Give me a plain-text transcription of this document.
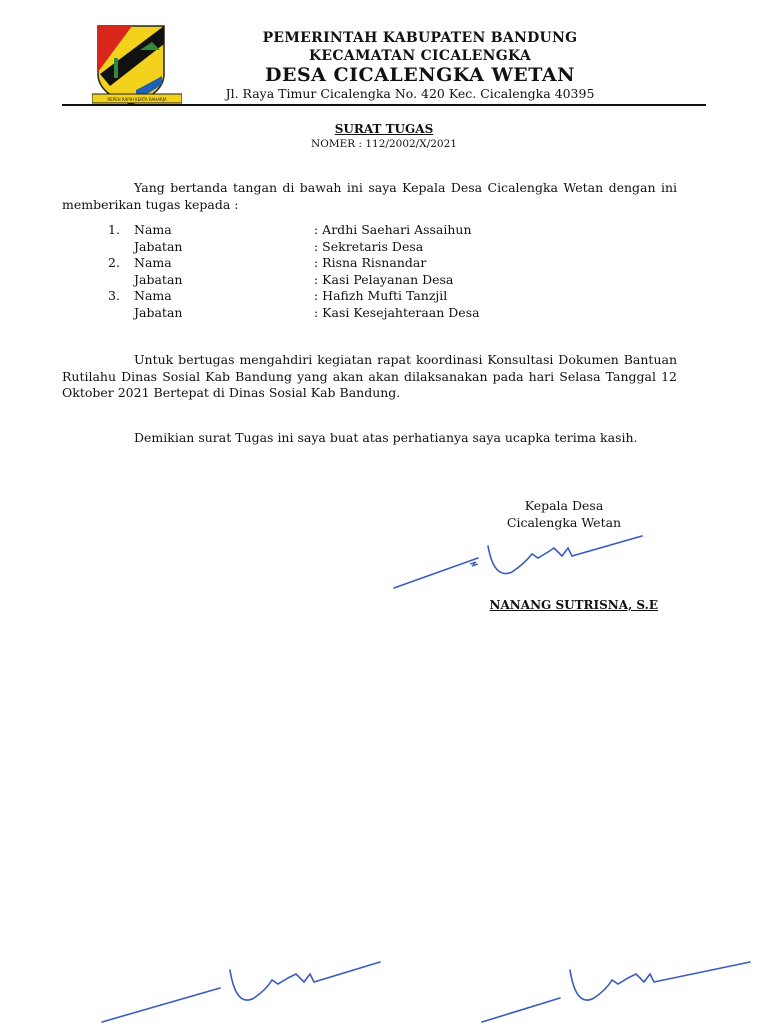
REPEH RAPIH KERTA RAHARJA
PEMERINTAH KABUPATEN BANDUNG
KECAMATAN CICALENGKA
DESA CICALENGKA WETAN
Jl. Raya Timur Cicalengka No. 420 Kec. Cicalengka 40395
SURAT TUGAS
NOMER : 112/2002/X/2021
Yang bertanda tangan di bawah ini saya Kepala Desa Cicalengka Wetan dengan ini memberikan tugas kepada :
1. Nama	: Ardhi Saehari Assaihun
Jabatan	: Sekretaris Desa
2. Nama	: Risna Risnandar
Jabatan	: Kasi Pelayanan Desa
3. Nama	: Hafizh Mufti Tanzjil
Jabatan	: Kasi Kesejahteraan Desa
Untuk bertugas mengahdiri kegiatan rapat koordinasi Konsultasi Dokumen Bantuan Rutilahu Dinas Sosial Kab Bandung yang akan akan dilaksanakan pada hari Selasa Tanggal 12 Oktober 2021 Bertepat di Dinas Sosial Kab Bandung.
Demikian surat Tugas ini saya buat atas perhatianya saya ucapka terima kasih.
Kepala Desa
Cicalengka Wetan
NANANG SUTRISNA, S.E
